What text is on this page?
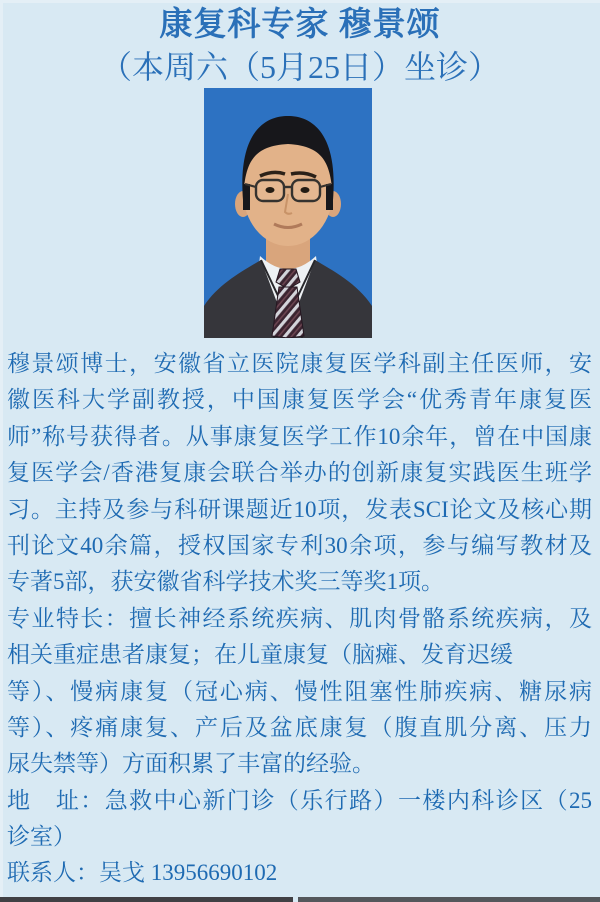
康复科专家 穆景颂
（本周六（5月25日）坐诊）
穆景颂博士，安徽省立医院康复医学科副主任医师，安
徽医科大学副教授，中国康复医学会“优秀青年康复医
师”称号获得者。从事康复医学工作10余年，曾在中国康
复医学会/香港复康会联合举办的创新康复实践医生班学
习。主持及参与科研课题近10项，发表SCI论文及核心期
刊论文40余篇，授权国家专利30余项，参与编写教材及
专著5部，获安徽省科学技术奖三等奖1项。
专业特长：擅长神经系统疾病、肌肉骨骼系统疾病，及
相关重症患者康复；在儿童康复（脑瘫、发育迟缓
等）、慢病康复（冠心病、慢性阻塞性肺疾病、糖尿病
等）、疼痛康复、产后及盆底康复（腹直肌分离、压力
尿失禁等）方面积累了丰富的经验。
地　址：急救中心新门诊（乐行路）一楼内科诊区（25
诊室）
联系人：吴戈 13956690102
